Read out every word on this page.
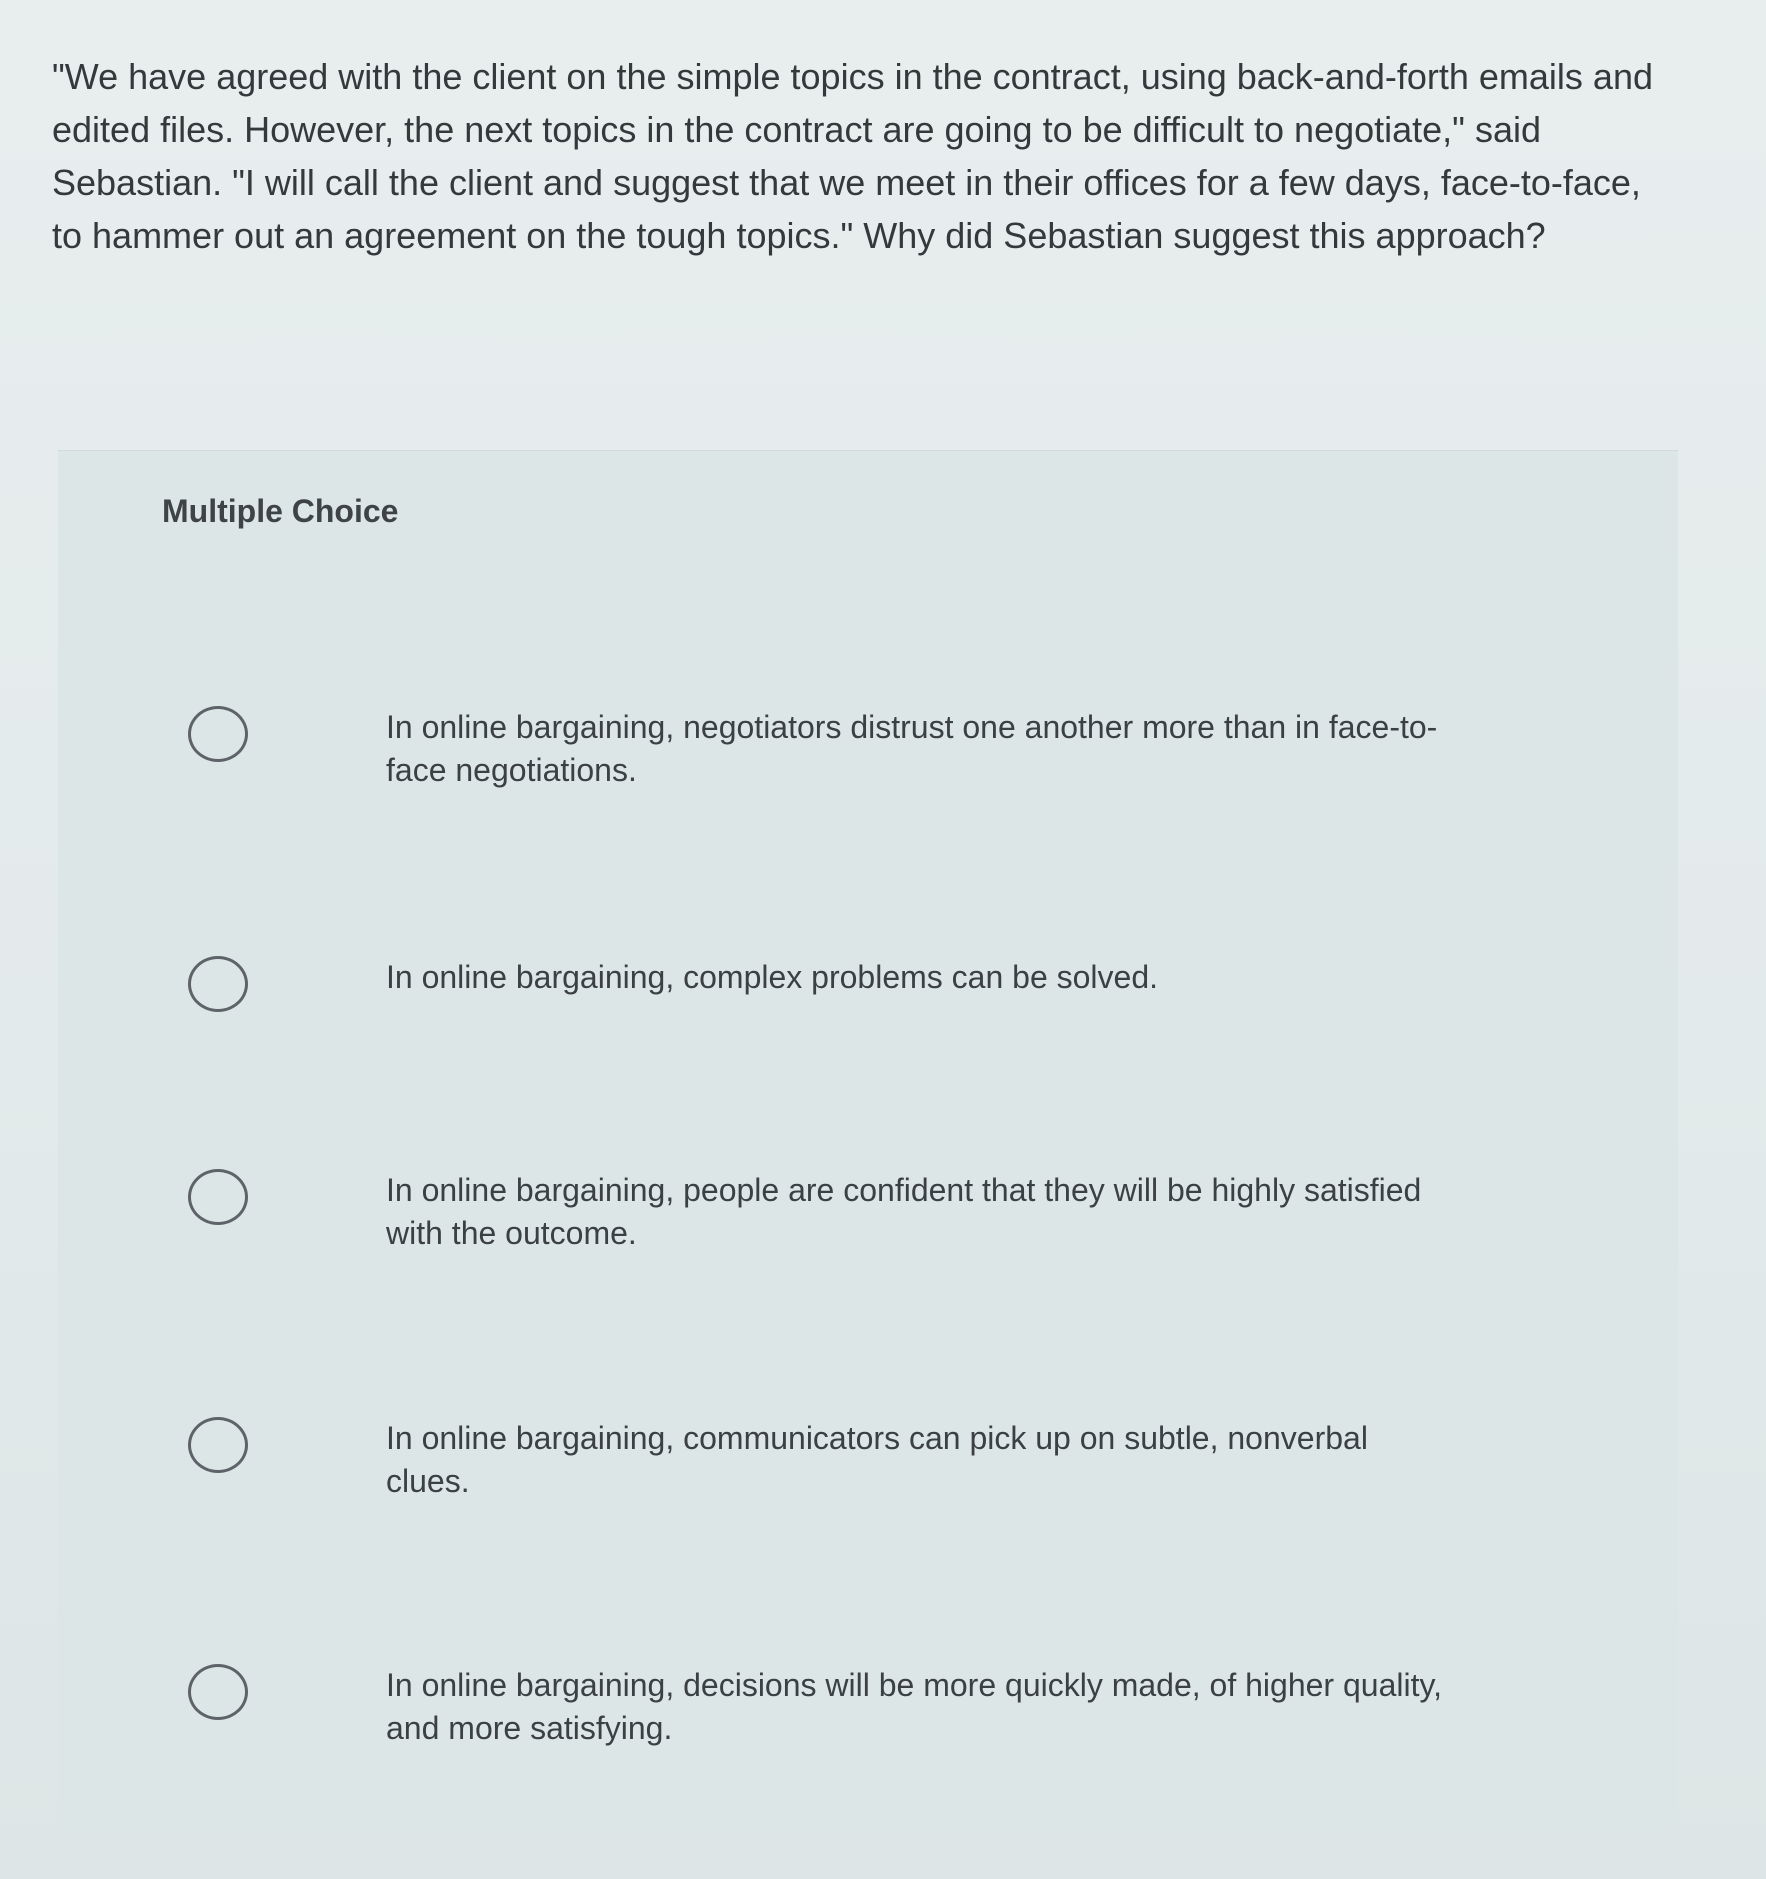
"We have agreed with the client on the simple topics in the contract, using back-and-forth emails and edited files. However, the next topics in the contract are going to be difficult to negotiate," said Sebastian. "I will call the client and suggest that we meet in their offices for a few days, face-to-face, to hammer out an agreement on the tough topics." Why did Sebastian suggest this approach?

Multiple Choice
In online bargaining, negotiators distrust one another more than in face-to-face negotiations.
In online bargaining, complex problems can be solved.
In online bargaining, people are confident that they will be highly satisfied with the outcome.
In online bargaining, communicators can pick up on subtle, nonverbal clues.
In online bargaining, decisions will be more quickly made, of higher quality, and more satisfying.
